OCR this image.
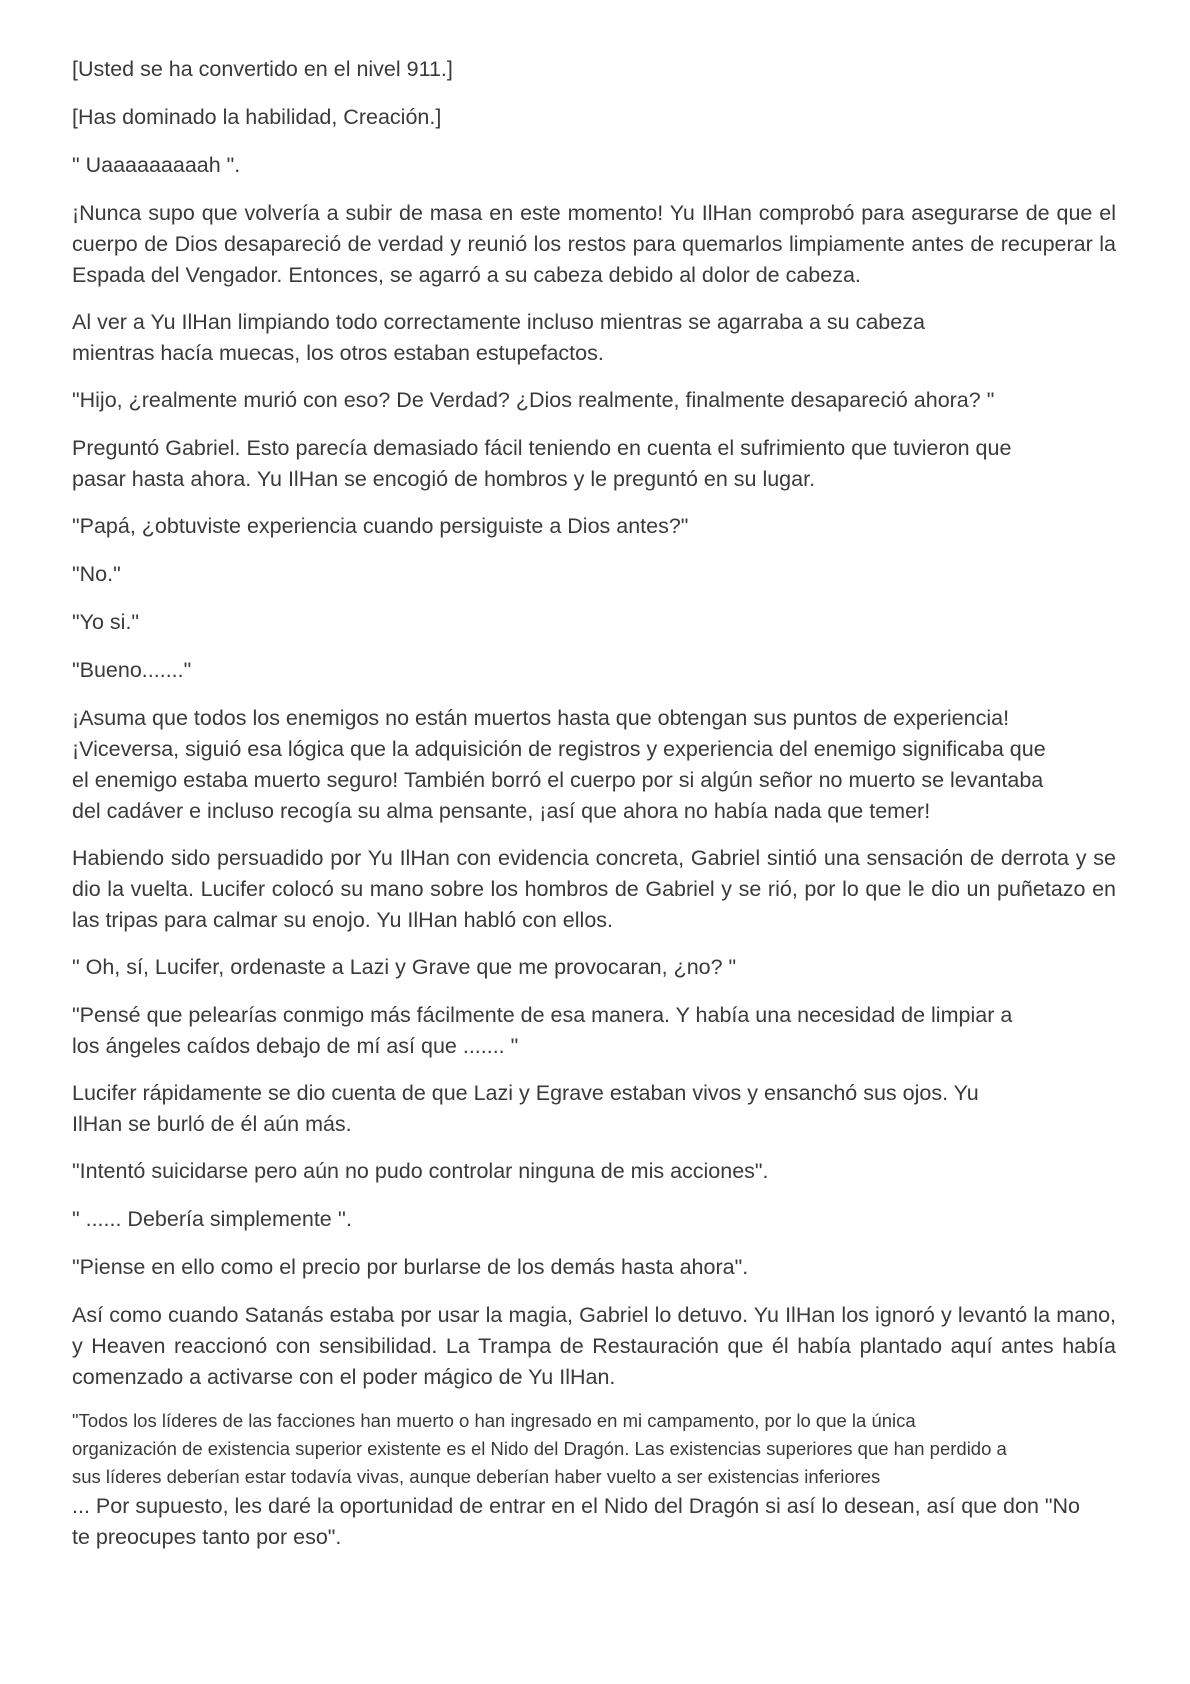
[Usted se ha convertido en el nivel 911.]

[Has dominado la habilidad, Creación.]

" Uaaaaaaaaah ".

¡Nunca supo que volvería a subir de masa en este momento! Yu IlHan comprobó para asegurarse de que el cuerpo de Dios desapareció de verdad y reunió los restos para quemarlos limpiamente antes de recuperar la Espada del Vengador. Entonces, se agarró a su cabeza debido al dolor de cabeza.

Al ver a Yu IlHan limpiando todo correctamente incluso mientras se agarraba a su cabeza
mientras hacía muecas, los otros estaban estupefactos.

"Hijo, ¿realmente murió con eso? De Verdad? ¿Dios realmente, finalmente desapareció ahora? "

Preguntó Gabriel. Esto parecía demasiado fácil teniendo en cuenta el sufrimiento que tuvieron que
pasar hasta ahora. Yu IlHan se encogió de hombros y le preguntó en su lugar.

"Papá, ¿obtuviste experiencia cuando persiguiste a Dios antes?"

"No."

"Yo si."

"Bueno......."

¡Asuma que todos los enemigos no están muertos hasta que obtengan sus puntos de experiencia!
¡Viceversa, siguió esa lógica que la adquisición de registros y experiencia del enemigo significaba que
el enemigo estaba muerto seguro! También borró el cuerpo por si algún señor no muerto se levantaba
del cadáver e incluso recogía su alma pensante, ¡así que ahora no había nada que temer!

Habiendo sido persuadido por Yu IlHan con evidencia concreta, Gabriel sintió una sensación de derrota y se dio la vuelta. Lucifer colocó su mano sobre los hombros de Gabriel y se rió, por lo que le dio un puñetazo en las tripas para calmar su enojo. Yu IlHan habló con ellos.

" Oh, sí, Lucifer, ordenaste a Lazi y Grave que me provocaran, ¿no? "

"Pensé que pelearías conmigo más fácilmente de esa manera. Y había una necesidad de limpiar a
los ángeles caídos debajo de mí así que ....... "

Lucifer rápidamente se dio cuenta de que Lazi y Egrave estaban vivos y ensanchó sus ojos. Yu
IlHan se burló de él aún más.

"Intentó suicidarse pero aún no pudo controlar ninguna de mis acciones".

" ...... Debería simplemente ''.

"Piense en ello como el precio por burlarse de los demás hasta ahora".

Así como cuando Satanás estaba por usar la magia, Gabriel lo detuvo. Yu IlHan los ignoró y levantó la mano, y Heaven reaccionó con sensibilidad. La Trampa de Restauración que él había plantado aquí antes había comenzado a activarse con el poder mágico de Yu IlHan.

"Todos los líderes de las facciones han muerto o han ingresado en mi campamento, por lo que la única
organización de existencia superior existente es el Nido del Dragón. Las existencias superiores que han perdido a
sus líderes deberían estar todavía vivas, aunque deberían haber vuelto a ser existencias inferiores

... Por supuesto, les daré la oportunidad de entrar en el Nido del Dragón si así lo desean, así que don "No
te preocupes tanto por eso".
